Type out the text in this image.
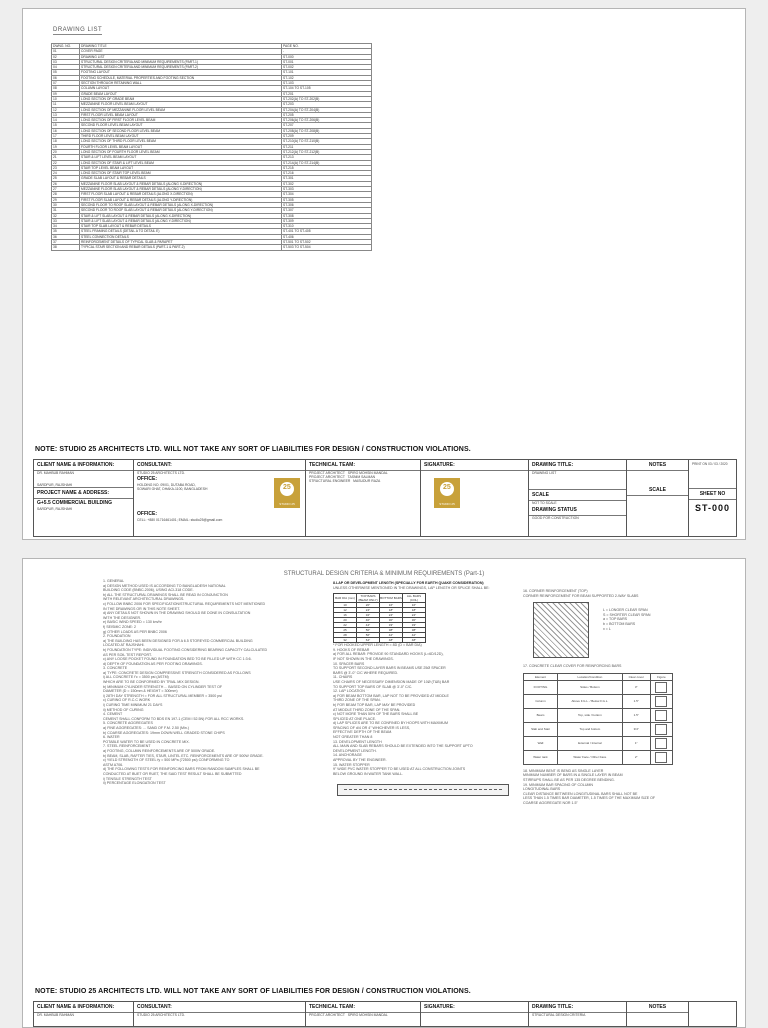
DRAWING LIST
DWNG. NO.	DRAWING TITLE	PAGE NO.
01	COVER PAGE	-
02	DRAWING LIST	ST-000
03	STRUCTURAL DESIGN CRITERIA AND MINIMUM REQUIREMENTS (PART-1)	ST-001
04	STRUCTURAL DESIGN CRITERIA AND MINIMUM REQUIREMENTS (PART-2)	ST-002
05	FOOTING LAYOUT	ST-101
06	FOOTING SCHEDULE, MATERIAL PROPERTIES AND FOOTING SECTION	ST-102
07	SECTION THROUGH RETAINING WALL	ST-103
08	COLUMN LAYOUT	ST-104 TO ST-105
09	GRADE BEAM LAYOUT	ST-201
10	LONG SECTION OF GRADE BEAM	ST-202(A) TO ST-202(B)
11	MEZZANINE FLOOR LEVEL BEAM LAYOUT	ST-203
12	LONG SECTION OF MEZZANINE FLOOR LEVEL BEAM	ST-204(A) TO ST-204(B)
13	FIRST FLOOR LEVEL BEAM LAYOUT	ST-205
14	LONG SECTION OF FIRST FLOOR LEVEL BEAM	ST-206(A) TO ST-206(B)
15	SECOND FLOOR LEVEL BEAM LAYOUT	ST-207
16	LONG SECTION OF SECOND FLOOR LEVEL BEAM	ST-208(A) TO ST-208(B)
17	THIRD FLOOR LEVEL BEAM LAYOUT	ST-209
18	LONG SECTION OF THIRD FLOOR LEVEL BEAM	ST-210(A) TO ST-210(B)
19	FOURTH FLOOR LEVEL BEAM LAYOUT	ST-211
20	LONG SECTION OF FOURTH FLOOR LEVEL BEAM	ST-212(A) TO ST-212(B)
21	STAIR & LIFT LEVEL BEAM LAYOUT	ST-213
22	LONG SECTION OF STAIR & LIFT LEVEL BEAM	ST-214(A) TO ST-214(B)
23	STAIR TOP LEVEL BEAM LAYOUT	ST-215
24	LONG SECTION OF STAIR TOP LEVEL BEAM	ST-216
25	GRADE SLAB LAYOUT & REBAR DETAILS	ST-301
26	MEZZANINE FLOOR SLAB LAYOUT & REBAR DETAILS (ALONG X-DIRECTION)	ST-302
27	MEZZANINE FLOOR SLAB LAYOUT & REBAR DETAILS (ALONG Y-DIRECTION)	ST-303
28	FIRST FLOOR SLAB LAYOUT & REBAR DETAILS (ALONG X-DIRECTION)	ST-304
29	FIRST FLOOR SLAB LAYOUT & REBAR DETAILS (ALONG Y-DIRECTION)	ST-305
30	SECOND FLOOR TO ROOF SLAB LAYOUT & REBAR DETAILS (ALONG X-DIRECTION)	ST-306
31	SECOND FLOOR TO ROOF SLAB LAYOUT & REBAR DETAILS (ALONG Y-DIRECTION)	ST-307
32	STAIR & LIFT SLAB LAYOUT & REBAR DETAILS (ALONG X-DIRECTION)	ST-308
33	STAIR & LIFT SLAB LAYOUT & REBAR DETAILS (ALONG Y-DIRECTION)	ST-309
34	STAIR TOP SLAB LAYOUT & REBAR DETAILS	ST-310
35	STEEL FRAMING DETAILS (DETAIL A TO DETAIL E)	ST-401 TO ST-405
36	STEEL CONNECTION DETAILS	ST-406
37	REINFORCEMENT DETAILS OF TYPICAL SLAB & PARAPET	ST-501 TO ST-502
38	TYPICAL STAIR SECTION AND REBAR DETAILS (PART-1 & PART-2)	ST-503 TO ST-504
NOTE: STUDIO 25 ARCHITECTS LTD. WILL NOT TAKE ANY SORT OF LIABILITIES FOR DESIGN / CONSTRUCTION VIOLATIONS.
CLIENT NAME & INFORMATION:
DR. MAHBUB RAHMAN
SARDPUR, RAJSHAHI
PROJECT NAME & ADDRESS:
G+5.5 COMMERCIAL BUILDING
SARDPUR, RAJSHAHI
CONSULTANT:
STUDIO 25 ARCHITECTS LTD.
OFFICE:
HOLDING NO. 09/01, DUTABA ROAD,
SOWARI GHAT, DHAKA-1100, BANGLADESH
OFFICE:
CELL: +880 01716461401; EMAIL: studio25@gmail.com
TECHNICAL TEAM:
PROJECT ARCHITECT SPIRO MOHSIN MANDAL
PROJECT ARCHITECT TASNIM SALMAN
STRUCTURAL ENGINEER MASUDUR RAZA
25
STUDIO 25
SIGNATURE:
25
STUDIO 25
DRAWING TITLE:
DRAWING LIST
SCALE
NOT TO SCALE
DRAWING STATUS
GOOD FOR CONSTRUCTION
NOTES
SCALE
PRINT ON 03 / 03 / 2020
SHEET NO
ST-000
STRUCTURAL DESIGN CRITERIA & MINIMUM REQUIREMENTS (Part-1)
1. GENERAL
a) DESIGN METHOD USED IS ACCORDING TO BANGLADESH NATIONAL
BUILDING CODE (BNBC-2006), USING ACI-318 CODE.
b) ALL THE STRUCTURAL DRAWINGS SHALL BE READ IN CONJUNCTION
WITH RELEVANT ARCHITECTURAL DRAWINGS.
c) FOLLOW BNBC 2006 FOR SPECIFICATION/STRUCTURAL REQUIREMENTS NOT MENTIONED
IN THE DRAWINGS OR IN THIS NOTE SHEET.
d) ANY DETAILS NOT SHOWN IN THE DRAWING SHOULD BE DONE IN CONSULTATION
WITH THE DESIGNER.
e) BASIC WIND SPEED = 130 km/hr
f) SEISMIC ZONE: 2
g) OTHER LOADS AS PER BNBC 2006
2. FOUNDATION
a) THE BUILDING HAS BEEN DESIGNED FOR A 6.5 STOREYED COMMERCIAL BUILDING
LOCATED AT RAJSHAHI.
b) FOUNDATION TYPE: INDIVIDUAL FOOTING CONSIDERING BEARING CAPACITY CALCULATED
AS PER SOIL TEST REPORT.
c) ANY LOOSE POCKET FOUND IN FOUNDATION BED TO BE FILLED UP WITH CC 1:3:6.
d) DEPTH OF FOUNDATION AS PER FOOTING DRAWINGS.
3. CONCRETE
a) TYPE: CONCRETE DESIGN COMPRESSIVE STRENGTH CONSIDERED AS FOLLOWS
i) ALL CONCRETE f'c = 3500 psi (ASTM)
WHICH ARE TO BE CONFORMED BY TRIAL MIX DESIGN.
b) MINIMUM CYLINDER STRENGTH ... BASED ON CYLINDER TEST OF
DIAMETER (D = 150mm & HEIGHT = 300mm)
i) 28TH DAY STRENGTH = FOR ALL STRUCTURAL MEMBER = 3500 psi
c) CURING OF R.C.C WORK
i) CURING TIME MINIMUM 21 DAYS
ii) METHOD OF CURING
4. CEMENT
CEMENT SHALL CONFORM TO BDS EN 197-1 (CEM I 52.5N) FOR ALL RCC WORKS.
5. CONCRETE AGGREGATES
a) FINE AGGREGATES: ... SAND OF F.M. 2.50 (Min.)
b) COARSE AGGREGATES: 19mm DOWN WELL GRADED STONE CHIPS
6. WATER
POTABLE WATER TO BE USED IN CONCRETE MIX.
7. STEEL REINFORCEMENT
a) FOOTING, COLUMN REINFORCEMENTS ARE OF 500W GRADE.
b) BEAM, SLAB, RAFTER TIES, STAIR, LINTEL ETC. REINFORCEMENTS ARE OF 500W GRADE.
c) YIELD STRENGTH OF STEEL fy = 500 MPa (72500 psi) CONFORMING TO
ASTM A706.
d) THE FOLLOWING TESTS FOR REINFORCING BARS FROM RANDOM SAMPLES SHALL BE
CONDUCTED AT BUET OR RUET, THE SAID TEST RESULT SHALL BE SUBMITTED
i) TENSILE STRENGTH TEST
ii) PERCENTAGE ELONGATION TEST
8.LAP OR DEVELOPMENT LENGTH (SPECIALLY FOR EARTH QUAKE CONSIDERATION)
UNLESS OTHERWISE MENTIONED IN THE DRAWINGS, LAP LENGTH OR SPLICE SHALL BE:
BAR DIA (mm)	TOP BARS (BEAM ONLY)	BOTTOM BARS	ALL BARS (COL)
10	20"	16"	16"
12	24"	18"	18"
16	32"	24"	24"
20	40"	30"	30"
22	44"	33"	33"
25	50"	38"	38"
28	56"	42"	42"
32	64"	48"	48"
* FOR HOOKED UPPER LENGTH = 8D (D = BAR DIA)
9. HOOKS OF REBAR
a) FOR ALL REBAR: PROVIDE 90 STANDARD HOOKS (L=6D/12D),
IF NOT SHOWN IN THE DRAWINGS.
10. SPACER BARS
TO SUPPORT SECOND LAYER BARS IN BEAMS USE 25Ø SPACER
BARS @ 3'-0" C/C WHERE REQUIRED.
11. CHAIRS
USE CHAIRS OF NECESSARY DIMENSION MADE OF 10Ø (T&B) BAR
TO SUPPORT TOP BARS OF SLAB @ 3'-0" C/C.
12. LAP LOCATION
a) FOR BEAM BOTTOM BAR, LAP NOT TO BE PROVIDED AT MIDDLE
THIRD ZONE OF THE SPAN.
b) FOR BEAM TOP BAR, LAP MAY BE PROVIDED
AT MIDDLE THIRD ZONE OF THE SPAN.
c) NOT MORE THAN 50% OF THE BARS SHALL BE
SPLICED AT ONE PLACE.
d) LAP SPLICES ARE TO BE CONFINED BY HOOPS WITH MAXIMUM
SPACING OF d/4 OR 4" WHICHEVER IS LESS,
EFFECTIVE DEPTH OF THE BEAM.
NOT GREATER THAN 8
13. DEVELOPMENT LENGTH
ALL MAIN AND SLAB REBARS SHOULD BE EXTENDED INTO THE SUPPORT UPTO
DEVELOPMENT LENGTH.
14. ANCHORAGE
APPROVAL BY THE ENGINEER.
15. WATER STOPPER
9" WIDE PVC WATER STOPPER TO BE USED AT ALL CONSTRUCTION JOINTS
BELOW GROUND IN WATER TANK WALL.
16. CORNER REINFORCEMENT (TOP)
CORNER REINFORCEMENT FOR BEAM SUPPORTED 2-WAY SLABS
L = LONGER CLEAR SPAN
S = SHORTER CLEAR SPAN
a = TOP BARS
b = BOTTOM BARS
x = L
17. CONCRETE CLEAR COVER FOR REINFORCING BARS
Element	Location/Condition	Clear cover	Figure
FOOTING	Sides / Bottom	3"	

Column	Above F.G.L. / Below F.G.L.	1.5"	

Beam	Top, side / bottom	1.5"	

Slab and Stair	Top and bottom	3/4"	

Wall	External / Internal	1"	

Water tank	Water Face / Other Face	2"	
18. MINIMUM BENT IS BEND AS SINGLE LAYER
MINIMUM NUMBER OF BARS IN A SINGLE LAYER IN BEAM
STIRRUPS SHALL BE AS PER 135 DEGREE BENDING.
19. MINIMUM BAR SPACING OF COLUMN
LONGITUDINAL BARS
CLEAR DISTANCE BETWEEN LONGITUDINAL BARS SHALL NOT BE
LESS THAN 1.5 TIMES BAR DIAMETER, 1.5 TIMES OF THE MAXIMUM SIZE OF
COARSE AGGREGATE NOR 1.5"
NOTE: STUDIO 25 ARCHITECTS LTD. WILL NOT TAKE ANY SORT OF LIABILITIES FOR DESIGN / CONSTRUCTION VIOLATIONS.
CLIENT NAME & INFORMATION:
DR. MAHBUB RAHMAN
CONSULTANT:
STUDIO 25 ARCHITECTS LTD.
TECHNICAL TEAM:
PROJECT ARCHITECT SPIRO MOHSIN MANDAL
SIGNATURE:	DRAWING TITLE:
STRUCTURAL DESIGN CRITERIA
NOTES
